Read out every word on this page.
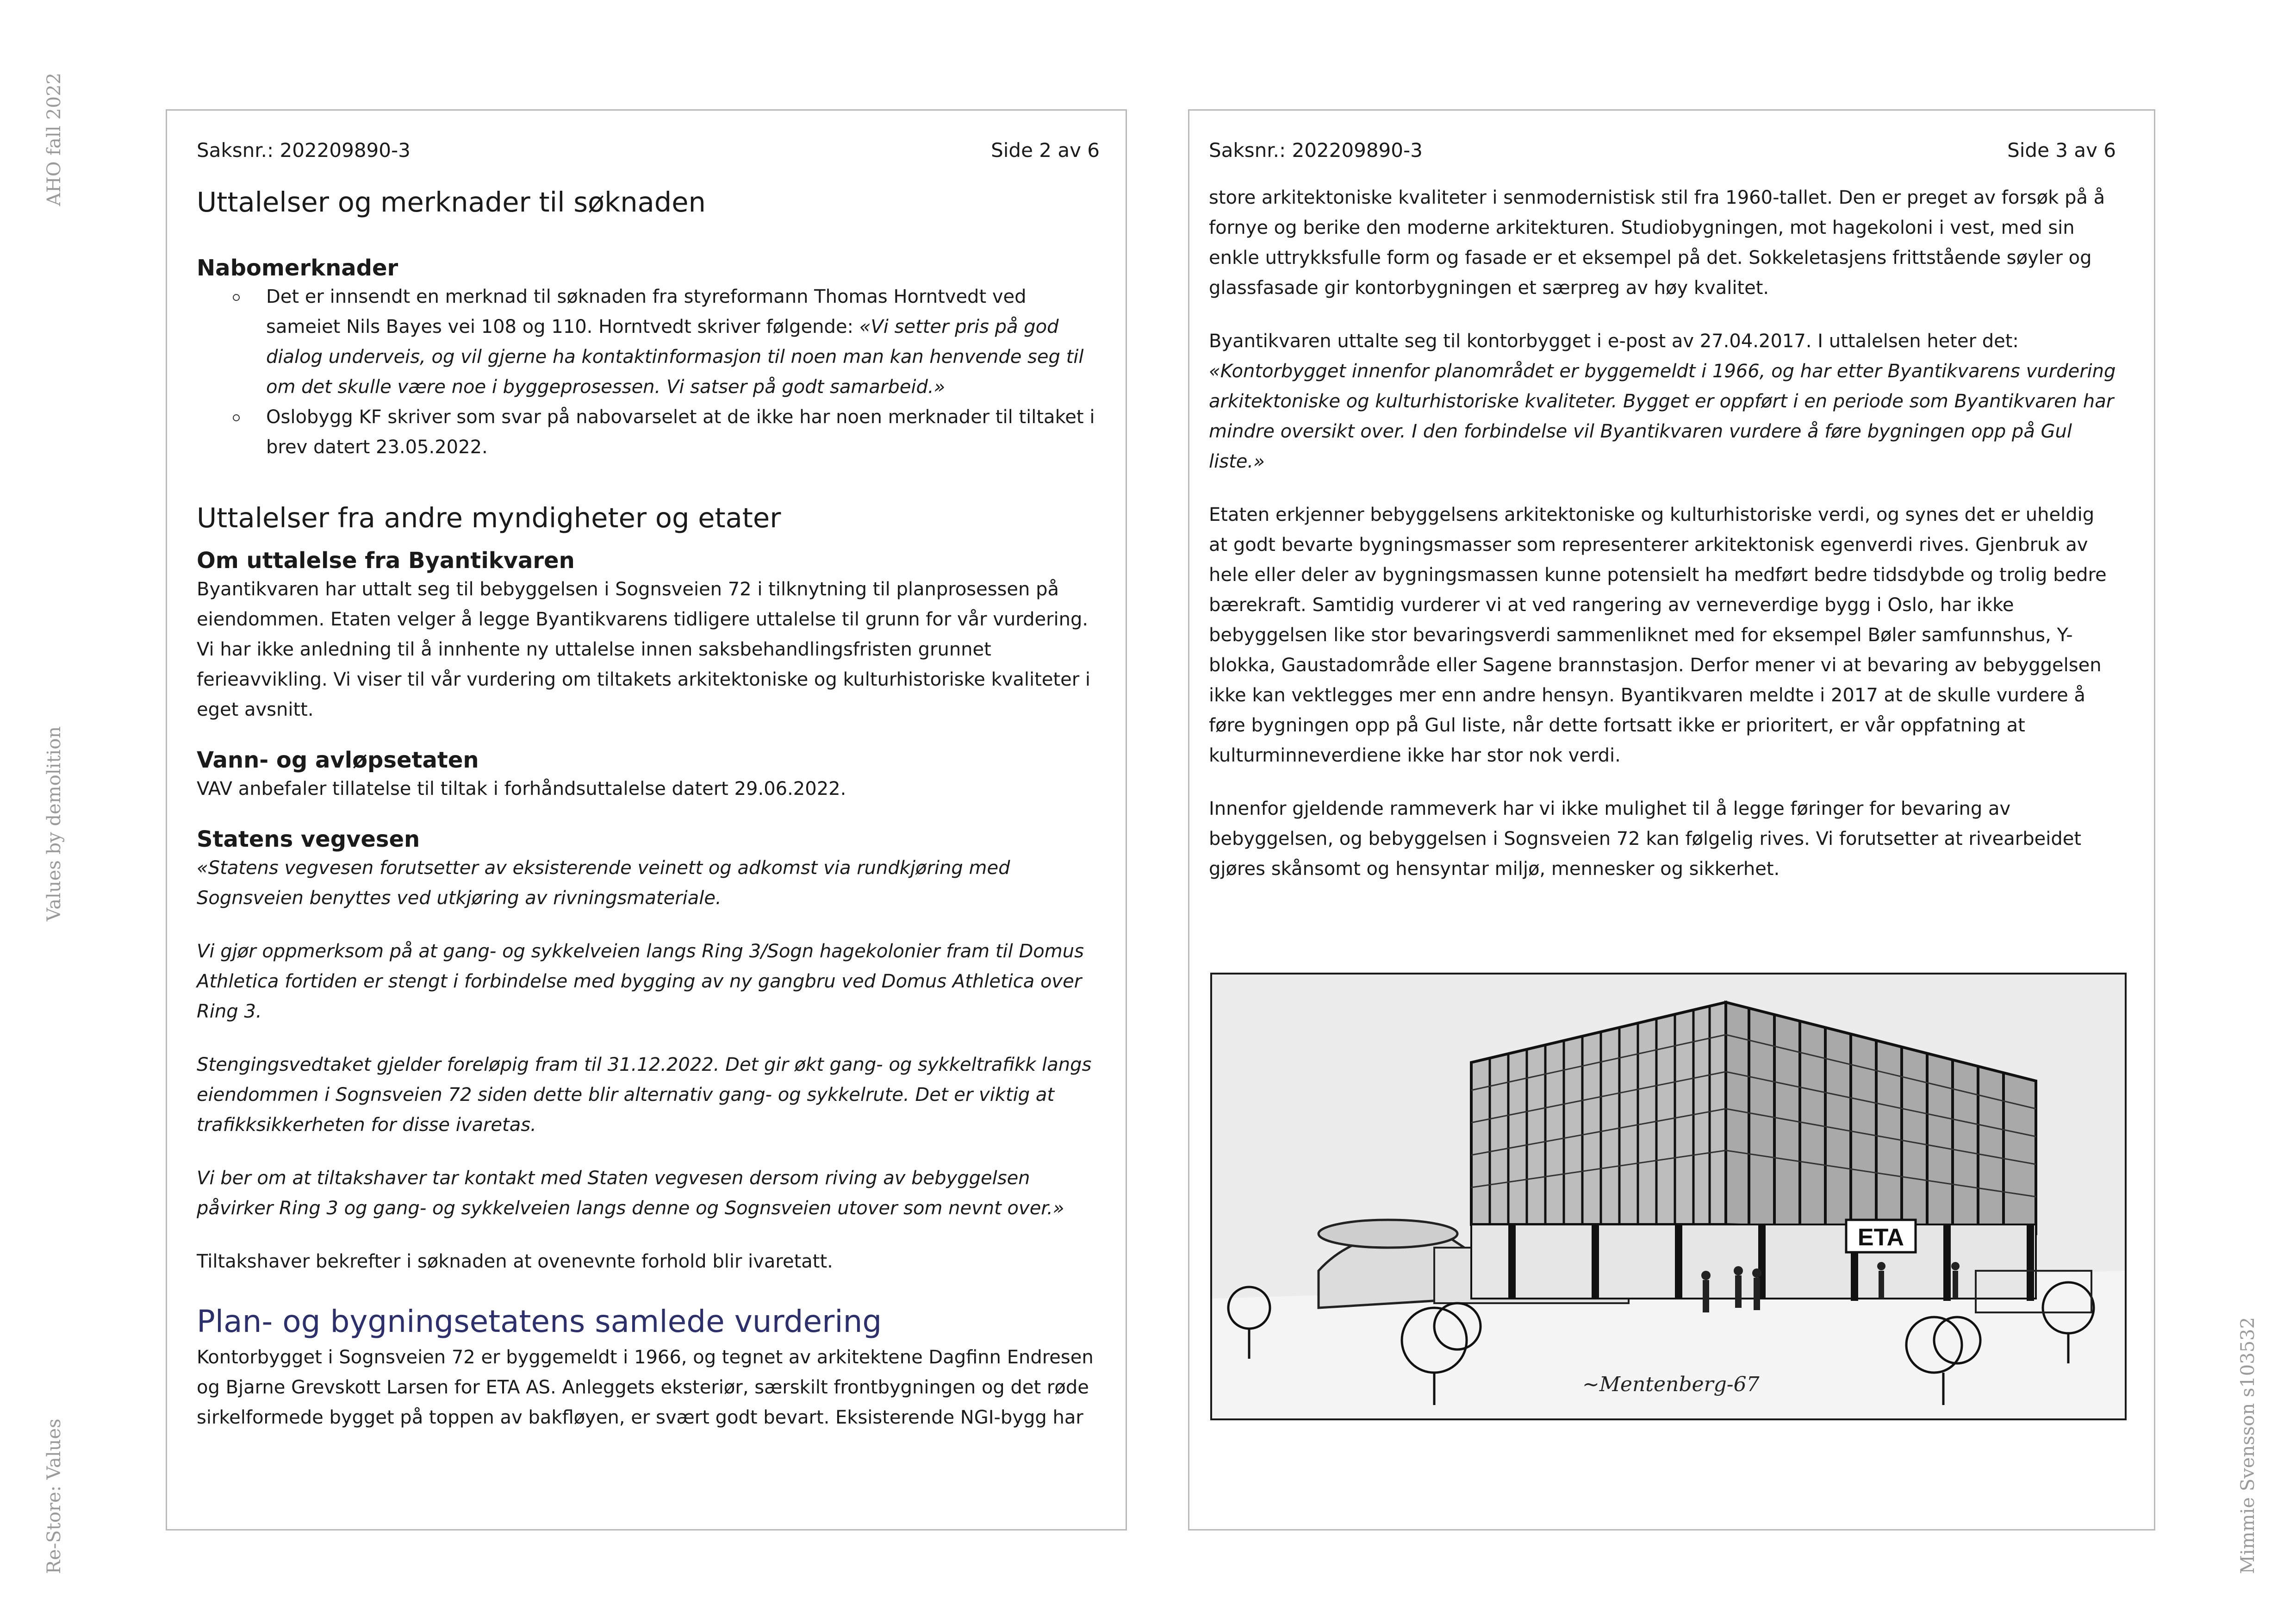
AHO fall 2022
Values by demolition
Re-Store: Values	Mimmie Svensson s103532
Saksnr.: 202209890-3	Side 2 av 6
Uttalelser og merknader til søknaden
Nabomerknader
Det er innsendt en merknad til søknaden fra styreformann Thomas Horntvedt ved sameiet Nils Bayes vei 108 og 110. Horntvedt skriver følgende: «Vi setter pris på god dialog underveis, og vil gjerne ha kontaktinformasjon til noen man kan henvende seg til om det skulle være noe i byggeprosessen. Vi satser på godt samarbeid.»
Oslobygg KF skriver som svar på nabovarselet at de ikke har noen merknader til tiltaket i brev datert 23.05.2022.
Uttalelser fra andre myndigheter og etater
Om uttalelse fra Byantikvaren

Byantikvaren har uttalt seg til bebyggelsen i Sognsveien 72 i tilknytning til planprosessen på eiendommen. Etaten velger å legge Byantikvarens tidligere uttalelse til grunn for vår vurdering. Vi har ikke anledning til å innhente ny uttalelse innen saksbehandlingsfristen grunnet ferieavvikling. Vi viser til vår vurdering om tiltakets arkitektoniske og kulturhistoriske kvaliteter i eget avsnitt.

Vann- og avløpsetaten

VAV anbefaler tillatelse til tiltak i forhåndsuttalelse datert 29.06.2022.

Statens vegvesen

«Statens vegvesen forutsetter av eksisterende veinett og adkomst via rundkjøring med Sognsveien benyttes ved utkjøring av rivningsmateriale.

Vi gjør oppmerksom på at gang- og sykkelveien langs Ring 3/Sogn hagekolonier fram til Domus Athletica fortiden er stengt i forbindelse med bygging av ny gangbru ved Domus Athletica over Ring 3.

Stengingsvedtaket gjelder foreløpig fram til 31.12.2022. Det gir økt gang- og sykkeltrafikk langs eiendommen i Sognsveien 72 siden dette blir alternativ gang- og sykkelrute. Det er viktig at trafikksikkerheten for disse ivaretas.

Vi ber om at tiltakshaver tar kontakt med Staten vegvesen dersom riving av bebyggelsen påvirker Ring 3 og gang- og sykkelveien langs denne og Sognsveien utover som nevnt over.»

Tiltakshaver bekrefter i søknaden at ovenevnte forhold blir ivaretatt.

Plan- og bygningsetatens samlede vurdering

Kontorbygget i Sognsveien 72 er byggemeldt i 1966, og tegnet av arkitektene Dagfinn Endresen og Bjarne Grevskott Larsen for ETA AS. Anleggets eksteriør, særskilt frontbygningen og det røde sirkelformede bygget på toppen av bakfløyen, er svært godt bevart. Eksisterende NGI-bygg har

Saksnr.: 202209890-3	Side 3 av 6

store arkitektoniske kvaliteter i senmodernistisk stil fra 1960-tallet. Den er preget av forsøk på å fornye og berike den moderne arkitekturen. Studiobygningen, mot hagekoloni i vest, med sin enkle uttrykksfulle form og fasade er et eksempel på det. Sokkeletasjens frittstående søyler og glassfasade gir kontorbygningen et særpreg av høy kvalitet.

Byantikvaren uttalte seg til kontorbygget i e-post av 27.04.2017. I uttalelsen heter det:

«Kontorbygget innenfor planområdet er byggemeldt i 1966, og har etter Byantikvarens vurdering arkitektoniske og kulturhistoriske kvaliteter. Bygget er oppført i en periode som Byantikvaren har mindre oversikt over. I den forbindelse vil Byantikvaren vurdere å føre bygningen opp på Gul liste.»

Etaten erkjenner bebyggelsens arkitektoniske og kulturhistoriske verdi, og synes det er uheldig at godt bevarte bygningsmasser som representerer arkitektonisk egenverdi rives. Gjenbruk av hele eller deler av bygningsmassen kunne potensielt ha medført bedre tidsdybde og trolig bedre bærekraft. Samtidig vurderer vi at ved rangering av verneverdige bygg i Oslo, har ikke bebyggelsen like stor bevaringsverdi sammenliknet med for eksempel Bøler samfunnshus, Y-blokka, Gaustadområde eller Sagene brannstasjon. Derfor mener vi at bevaring av bebyggelsen ikke kan vektlegges mer enn andre hensyn. Byantikvaren meldte i 2017 at de skulle vurdere å føre bygningen opp på Gul liste, når dette fortsatt ikke er prioritert, er vår oppfatning at kulturminneverdiene ikke har stor nok verdi.

Innenfor gjeldende rammeverk har vi ikke mulighet til å legge føringer for bevaring av bebyggelsen, og bebyggelsen i Sognsveien 72 kan følgelig rives. Vi forutsetter at rivearbeidet gjøres skånsomt og hensyntar miljø, mennesker og sikkerhet.

ETA
~Mentenberg-67
